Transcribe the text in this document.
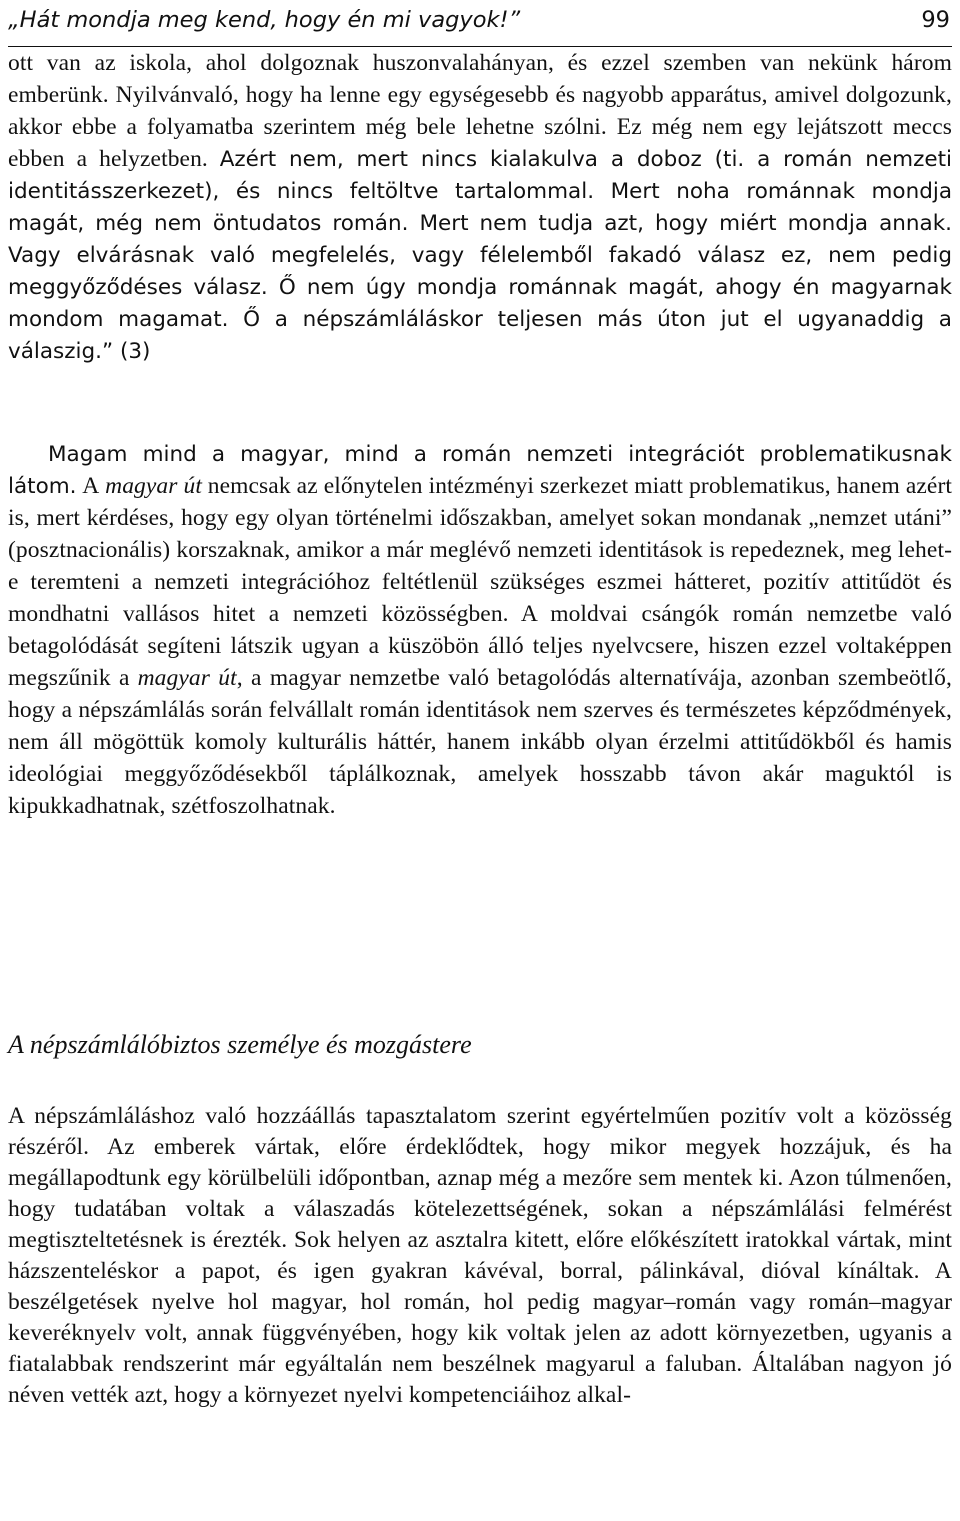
„Hát mondja meg kend, hogy én mi vagyok!”	99

ott van az iskola, ahol dolgoznak huszonvalahányan, és ezzel szemben van nekünk három emberünk. Nyilvánvaló, hogy ha lenne egy egységesebb és nagyobb apparátus, amivel dolgozunk, akkor ebbe a folyamatba szerintem még bele lehetne szólni. Ez még nem egy lejátszott meccs ebben a helyzetben. Azért nem, mert nincs kialakulva a doboz (ti. a román nemzeti identitásszerkezet), és nincs feltöltve tartalommal. Mert noha románnak mondja magát, még nem öntudatos román. Mert nem tudja azt, hogy miért mondja annak. Vagy elvárásnak való megfelelés, vagy félelemből fakadó válasz ez, nem pedig meggyőződéses válasz. Ő nem úgy mondja románnak magát, ahogy én magyarnak mondom magamat. Ő a népszámláláskor teljesen más úton jut el ugyanaddig a válaszig.” (3)

Magam mind a magyar, mind a román nemzeti integrációt problematikusnak látom. A magyar út nemcsak az előnytelen intézményi szerkezet miatt problematikus, hanem azért is, mert kérdéses, hogy egy olyan történelmi időszakban, amelyet sokan mondanak „nemzet utáni” (posztnacionális) korszaknak, amikor a már meglévő nemzeti identitások is repedeznek, meg lehet-e teremteni a nemzeti integrációhoz feltétlenül szükséges eszmei hátteret, pozitív attitűdöt és mondhatni vallásos hitet a nemzeti közösségben. A moldvai csángók román nemzetbe való betagolódását segíteni látszik ugyan a küszöbön álló teljes nyelvcsere, hiszen ezzel voltaképpen megszűnik a magyar út, a magyar nemzetbe való betagolódás alternatívája, azonban szembeötlő, hogy a népszámlálás során felvállalt román identitások nem szerves és természetes képződmények, nem áll mögöttük komoly kulturális háttér, hanem inkább olyan érzelmi attitűdökből és hamis ideológiai meggyőződésekből táplálkoznak, amelyek hosszabb távon akár maguktól is kipukkadhatnak, szétfoszolhatnak.

A népszámlálóbiztos személye és mozgástere

A népszámláláshoz való hozzáállás tapasztalatom szerint egyértelműen pozitív volt a közösség részéről. Az emberek vártak, előre érdeklődtek, hogy mikor megyek hozzájuk, és ha megállapodtunk egy körülbelüli időpontban, aznap még a mezőre sem mentek ki. Azon túlmenően, hogy tudatában voltak a válaszadás kötelezettségének, sokan a népszámlálási felmérést megtiszteltetésnek is érezték. Sok helyen az asztalra kitett, előre előkészített iratokkal vártak, mint házszenteléskor a papot, és igen gyakran kávéval, borral, pálinkával, dióval kínáltak. A beszélgetések nyelve hol magyar, hol román, hol pedig magyar–román vagy román–magyar keveréknyelv volt, annak függvényében, hogy kik voltak jelen az adott környezetben, ugyanis a fiatalabbak rendszerint már egyáltalán nem beszélnek magyarul a faluban. Általában nagyon jó néven vették azt, hogy a környezet nyelvi kompetenciáihoz alkal-
